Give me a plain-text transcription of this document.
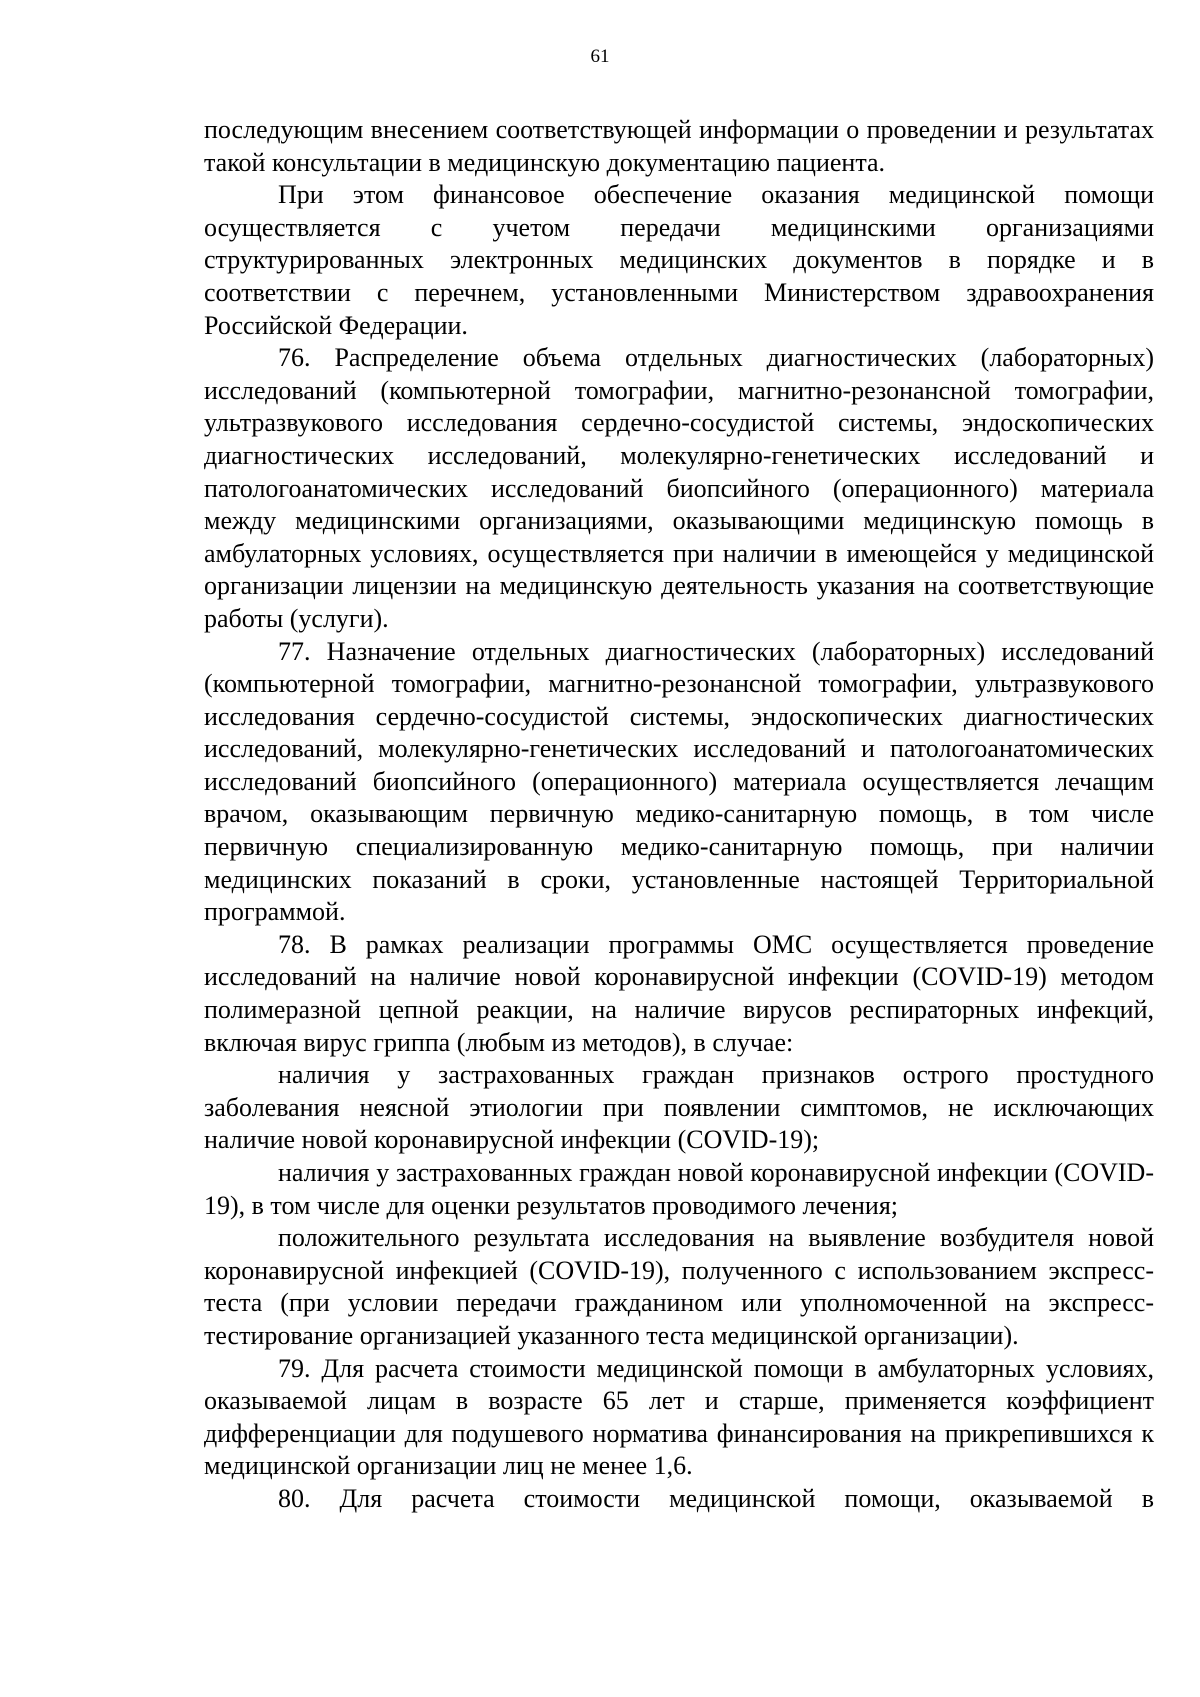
61

последующим внесением соответствующей информации о проведении и результатах такой консультации в медицинскую документацию пациента.

При этом финансовое обеспечение оказания медицинской помощи осуществляется с учетом передачи медицинскими организациями структурированных электронных медицинских документов в порядке и в соответствии с перечнем, установленными Министерством здравоохранения Российской Федерации.

76. Распределение объема отдельных диагностических (лабораторных) исследований (компьютерной томографии, магнитно-резонансной томографии, ультразвукового исследования сердечно-сосудистой системы, эндоскопических диагностических исследований, молекулярно-генетических исследований и патологоанатомических исследований биопсийного (операционного) материала между медицинскими организациями, оказывающими медицинскую помощь в амбулаторных условиях, осуществляется при наличии в имеющейся у медицинской организации лицензии на медицинскую деятельность указания на соответствующие работы (услуги).

77. Назначение отдельных диагностических (лабораторных) исследований (компьютерной томографии, магнитно-резонансной томографии, ультразвукового исследования сердечно-сосудистой системы, эндоскопических диагностических исследований, молекулярно-генетических исследований и патологоанатомических исследований биопсийного (операционного) материала осуществляется лечащим врачом, оказывающим первичную медико-санитарную помощь, в том числе первичную специализированную медико-санитарную помощь, при наличии медицинских показаний в сроки, установленные настоящей Территориальной программой.

78. В рамках реализации программы ОМС осуществляется проведение исследований на наличие новой коронавирусной инфекции (COVID-19) методом полимеразной цепной реакции, на наличие вирусов респираторных инфекций, включая вирус гриппа (любым из методов), в случае:

наличия у застрахованных граждан признаков острого простудного заболевания неясной этиологии при появлении симптомов, не исключающих наличие новой коронавирусной инфекции (COVID-19);

наличия у застрахованных граждан новой коронавирусной инфекции (COVID-19), в том числе для оценки результатов проводимого лечения;

положительного результата исследования на выявление возбудителя новой коронавирусной инфекцией (COVID-19), полученного с использованием экспресс-теста (при условии передачи гражданином или уполномоченной на экспресс-тестирование организацией указанного теста медицинской организации).

79. Для расчета стоимости медицинской помощи в амбулаторных условиях, оказываемой лицам в возрасте 65 лет и старше, применяется коэффициент дифференциации для подушевого норматива финансирования на прикрепившихся к медицинской организации лиц не менее 1,6.

80. Для расчета стоимости медицинской помощи, оказываемой в
